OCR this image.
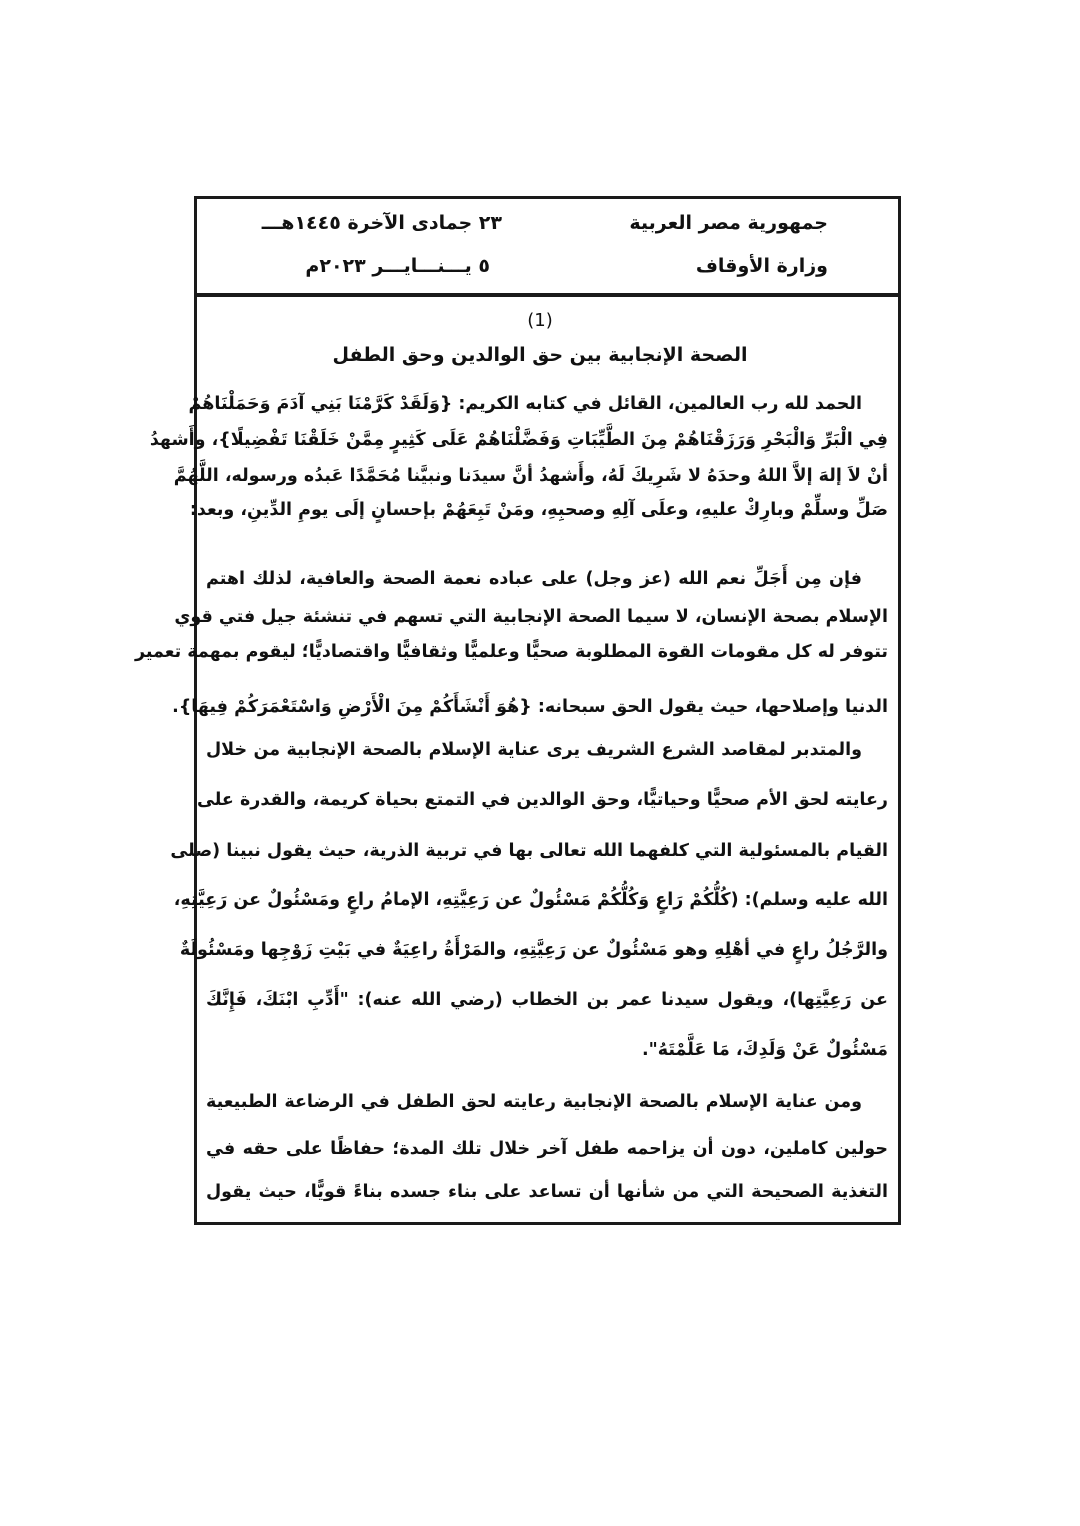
جمهورية مصر العربية
وزارة الأوقاف
٢٣ جمادى الآخرة ١٤٤٥هـــ
٥ يـــنـــايـــر ٢٠٢٣م
(1)
الصحة الإنجابية بين حق الوالدين وحق الطفل
الحمد لله رب العالمين، القائل في كتابه الكريم: {وَلَقَدْ كَرَّمْنَا بَنِي آدَمَ وَحَمَلْنَاهُمْ
فِي الْبَرِّ وَالْبَحْرِ وَرَزَقْنَاهُمْ مِنَ الطَّيِّبَاتِ وَفَضَّلْنَاهُمْ عَلَى كَثِيرٍ مِمَّنْ خَلَقْنَا تَفْضِيلًا}، وأَشهدُ
أنْ لاَ إلهَ إلاَّ اللهُ وحدَهُ لا شَرِيكَ لَهُ، وأَشهدُ أنَّ سيدَنا ونبيَّنا مُحَمَّدًا عَبدُه ورسوله، اللَّهُمَّ
صَلِّ وسلِّمْ وبارِكْ عليهِ، وعلَى آلِهِ وصحبِهِ، ومَنْ تَبِعَهُمْ بإحسانٍ إلَى يومِ الدِّينِ، وبعد:
فإن مِن أَجَلِّ نعم الله (عز وجل) على عباده نعمة الصحة والعافية، لذلك اهتم
الإسلام بصحة الإنسان، لا سيما الصحة الإنجابية التي تسهم في تنشئة جيل فتي قوي
تتوفر له كل مقومات القوة المطلوبة صحيًّا وعلميًّا وثقافيًّا واقتصاديًّا؛ ليقوم بمهمة تعمير
الدنيا وإصلاحها، حيث يقول الحق سبحانه: {هُوَ أَنْشَأَكُمْ مِنَ الْأَرْضِ وَاسْتَعْمَرَكُمْ فِيهَا}.
والمتدبر لمقاصد الشرع الشريف يرى عناية الإسلام بالصحة الإنجابية من خلال
رعايته لحق الأم صحيًّا وحياتيًّا، وحق الوالدين في التمتع بحياة كريمة، والقدرة على
القيام بالمسئولية التي كلفهما الله تعالى بها في تربية الذرية، حيث يقول نبينا (صلى
الله عليه وسلم): (كُلُّكُمْ رَاعٍ وَكُلُّكُمْ مَسْئُولٌ عن رَعِيَّتِهِ، الإمامُ راعٍ ومَسْئُولٌ عن رَعِيَّتِهِ،
والرَّجُلُ راعٍ في أهْلِهِ وهو مَسْئُولٌ عن رَعِيَّتِهِ، والمَرْأَةُ راعِيَةٌ في بَيْتِ زَوْجِها ومَسْئُولَةٌ
عن رَعِيَّتِها)، ويقول سيدنا عمر بن الخطاب (رضي الله عنه): "أَدِّبِ ابْنَكَ، فَإِنَّكَ
مَسْئُولٌ عَنْ وَلَدِكَ، مَا عَلَّمْتَهُ".
ومن عناية الإسلام بالصحة الإنجابية رعايته لحق الطفل في الرضاعة الطبيعية
حولين كاملين، دون أن يزاحمه طفل آخر خلال تلك المدة؛ حفاظًا على حقه في
التغذية الصحيحة التي من شأنها أن تساعد على بناء جسده بناءً قويًّا، حيث يقول
